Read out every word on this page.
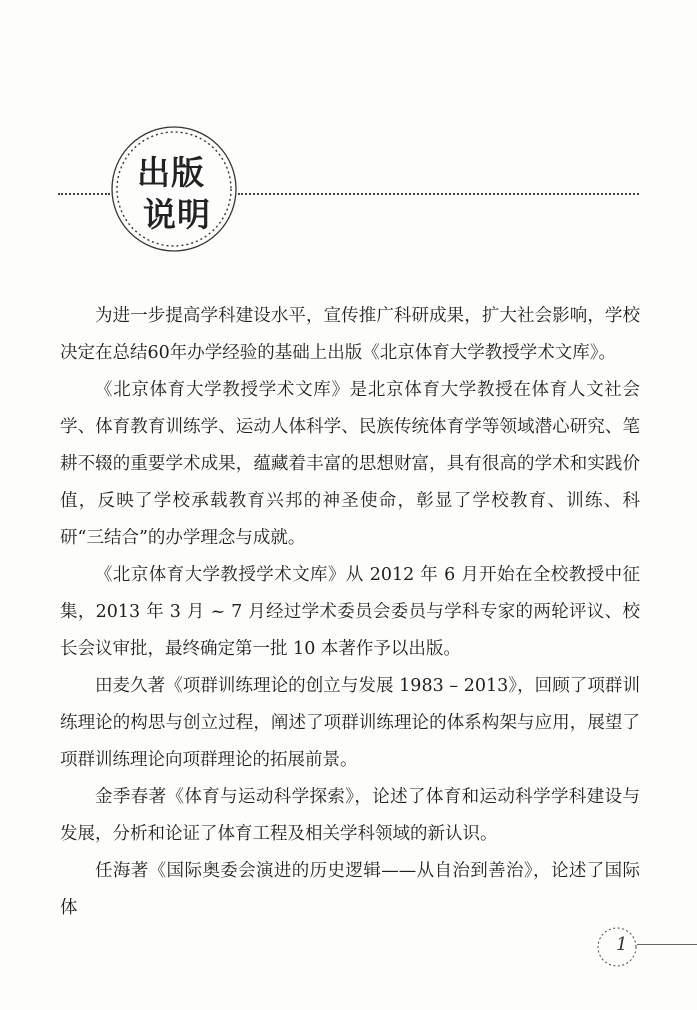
出版
说明

为进一步提高学科建设水平，宣传推广科研成果，扩大社会影响，学校决定在总结60年办学经验的基础上出版《北京体育大学教授学术文库》。

《北京体育大学教授学术文库》是北京体育大学教授在体育人文社会学、体育教育训练学、运动人体科学、民族传统体育学等领域潜心研究、笔耕不辍的重要学术成果，蕴藏着丰富的思想财富，具有很高的学术和实践价值，反映了学校承载教育兴邦的神圣使命，彰显了学校教育、训练、科研“三结合”的办学理念与成就。

《北京体育大学教授学术文库》从 2012 年 6 月开始在全校教授中征集，2013 年 3 月 ~ 7 月经过学术委员会委员与学科专家的两轮评议、校长会议审批，最终确定第一批 10 本著作予以出版。

田麦久著《项群训练理论的创立与发展 1983 – 2013》，回顾了项群训练理论的构思与创立过程，阐述了项群训练理论的体系构架与应用，展望了项群训练理论向项群理论的拓展前景。

金季春著《体育与运动科学探索》，论述了体育和运动科学学科建设与发展，分析和论证了体育工程及相关学科领域的新认识。

任海著《国际奥委会演进的历史逻辑——从自治到善治》，论述了国际体

1
